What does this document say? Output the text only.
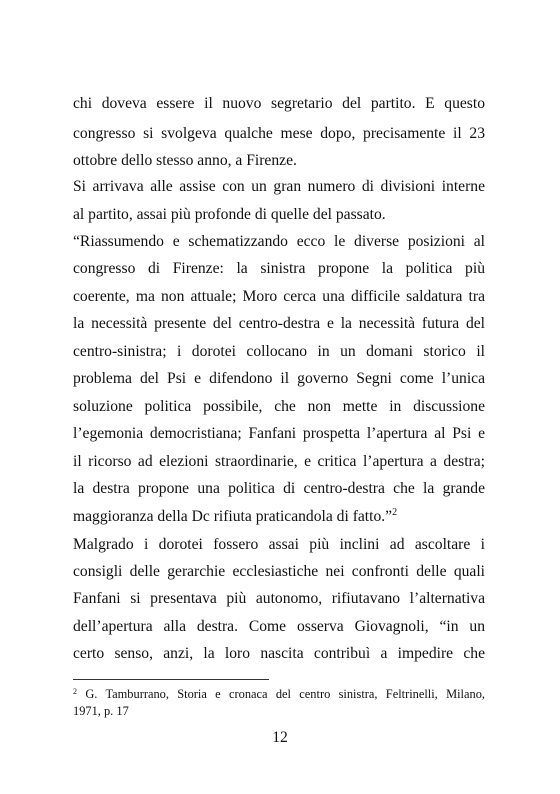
chi doveva essere il nuovo segretario del partito. E questo
congresso si svolgeva qualche mese dopo, precisamente il 23
ottobre dello stesso anno, a Firenze.
Si arrivava alle assise con un gran numero di divisioni interne
al partito, assai più profonde di quelle del passato.
“Riassumendo e schematizzando ecco le diverse posizioni al
congresso di Firenze: la sinistra propone la politica più
coerente, ma non attuale; Moro cerca una difficile saldatura tra
la necessità presente del centro-destra e la necessità futura del
centro-sinistra; i dorotei collocano in un domani storico il
problema del Psi e difendono il governo Segni come l’unica
soluzione politica possibile, che non mette in discussione
l’egemonia democristiana; Fanfani prospetta l’apertura al Psi e
il ricorso ad elezioni straordinarie, e critica l’apertura a destra;
la destra propone una politica di centro-destra che la grande
maggioranza della Dc rifiuta praticandola di fatto.”$^2$
Malgrado i dorotei fossero assai più inclini ad ascoltare i
consigli delle gerarchie ecclesiastiche nei confronti delle quali
Fanfani si presentava più autonomo, rifiutavano l’alternativa
dell’apertura alla destra. Come osserva Giovagnoli, “in un
certo senso, anzi, la loro nascita contribuì a impedire che
$^2$ G. Tamburrano, Storia e cronaca del centro sinistra, Feltrinelli, Milano,
1971, p. 17
12
